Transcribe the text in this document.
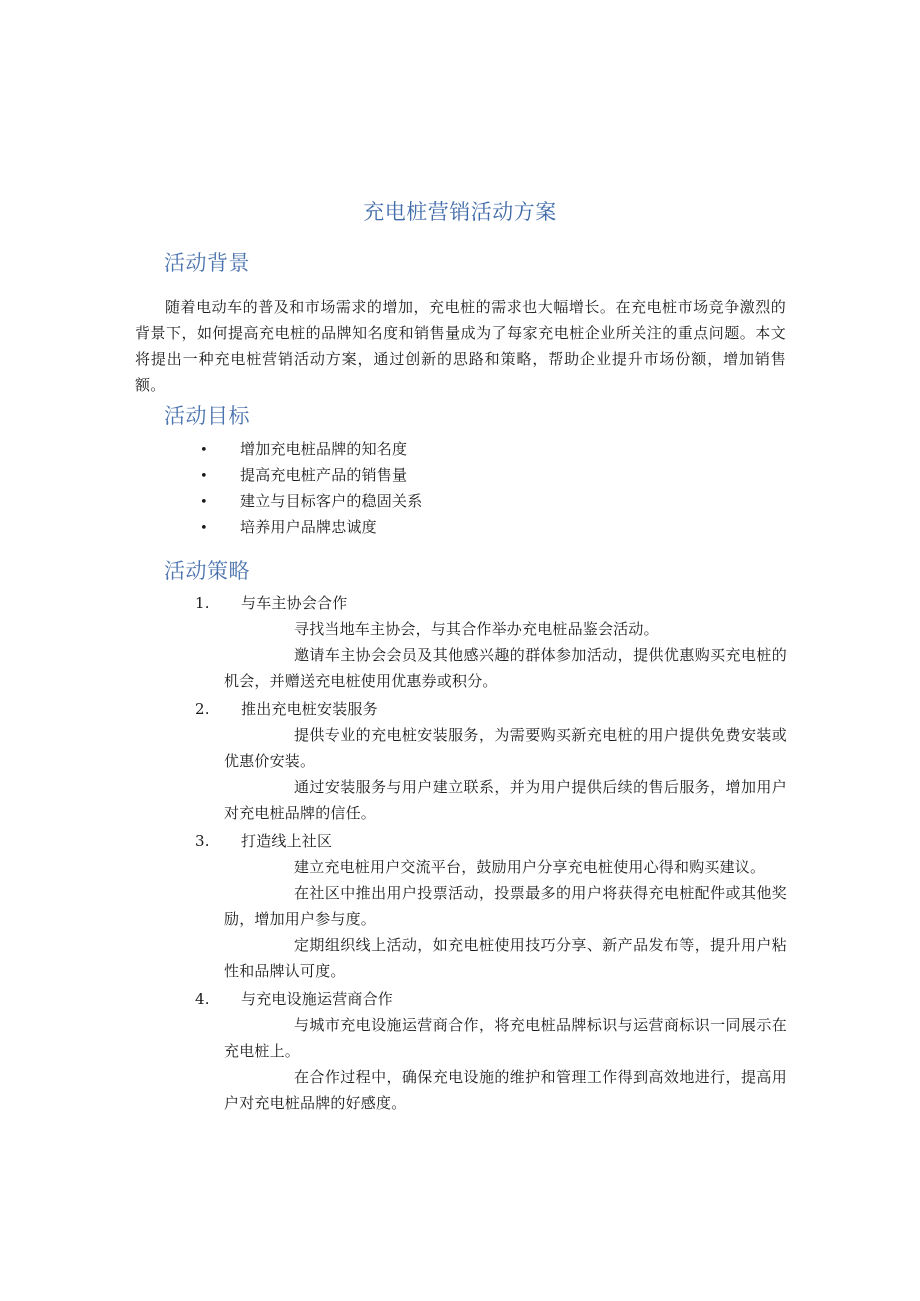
充电桩营销活动方案
活动背景
随着电动车的普及和市场需求的增加，充电桩的需求也大幅增长。在充电桩市场竞争激烈的背景下，如何提高充电桩的品牌知名度和销售量成为了每家充电桩企业所关注的重点问题。本文将提出一种充电桩营销活动方案，通过创新的思路和策略，帮助企业提升市场份额，增加销售额。
活动目标
• 增加充电桩品牌的知名度
• 提高充电桩产品的销售量
• 建立与目标客户的稳固关系
• 培养用户品牌忠诚度
活动策略
1. 与车主协会合作
寻找当地车主协会，与其合作举办充电桩品鉴会活动。
邀请车主协会会员及其他感兴趣的群体参加活动，提供优惠购买充电桩的机会，并赠送充电桩使用优惠券或积分。
2. 推出充电桩安装服务
提供专业的充电桩安装服务，为需要购买新充电桩的用户提供免费安装或优惠价安装。
通过安装服务与用户建立联系，并为用户提供后续的售后服务，增加用户对充电桩品牌的信任。
3. 打造线上社区
建立充电桩用户交流平台，鼓励用户分享充电桩使用心得和购买建议。
在社区中推出用户投票活动，投票最多的用户将获得充电桩配件或其他奖励，增加用户参与度。
定期组织线上活动，如充电桩使用技巧分享、新产品发布等，提升用户粘性和品牌认可度。
4. 与充电设施运营商合作
与城市充电设施运营商合作，将充电桩品牌标识与运营商标识一同展示在充电桩上。
在合作过程中，确保充电设施的维护和管理工作得到高效地进行，提高用户对充电桩品牌的好感度。
